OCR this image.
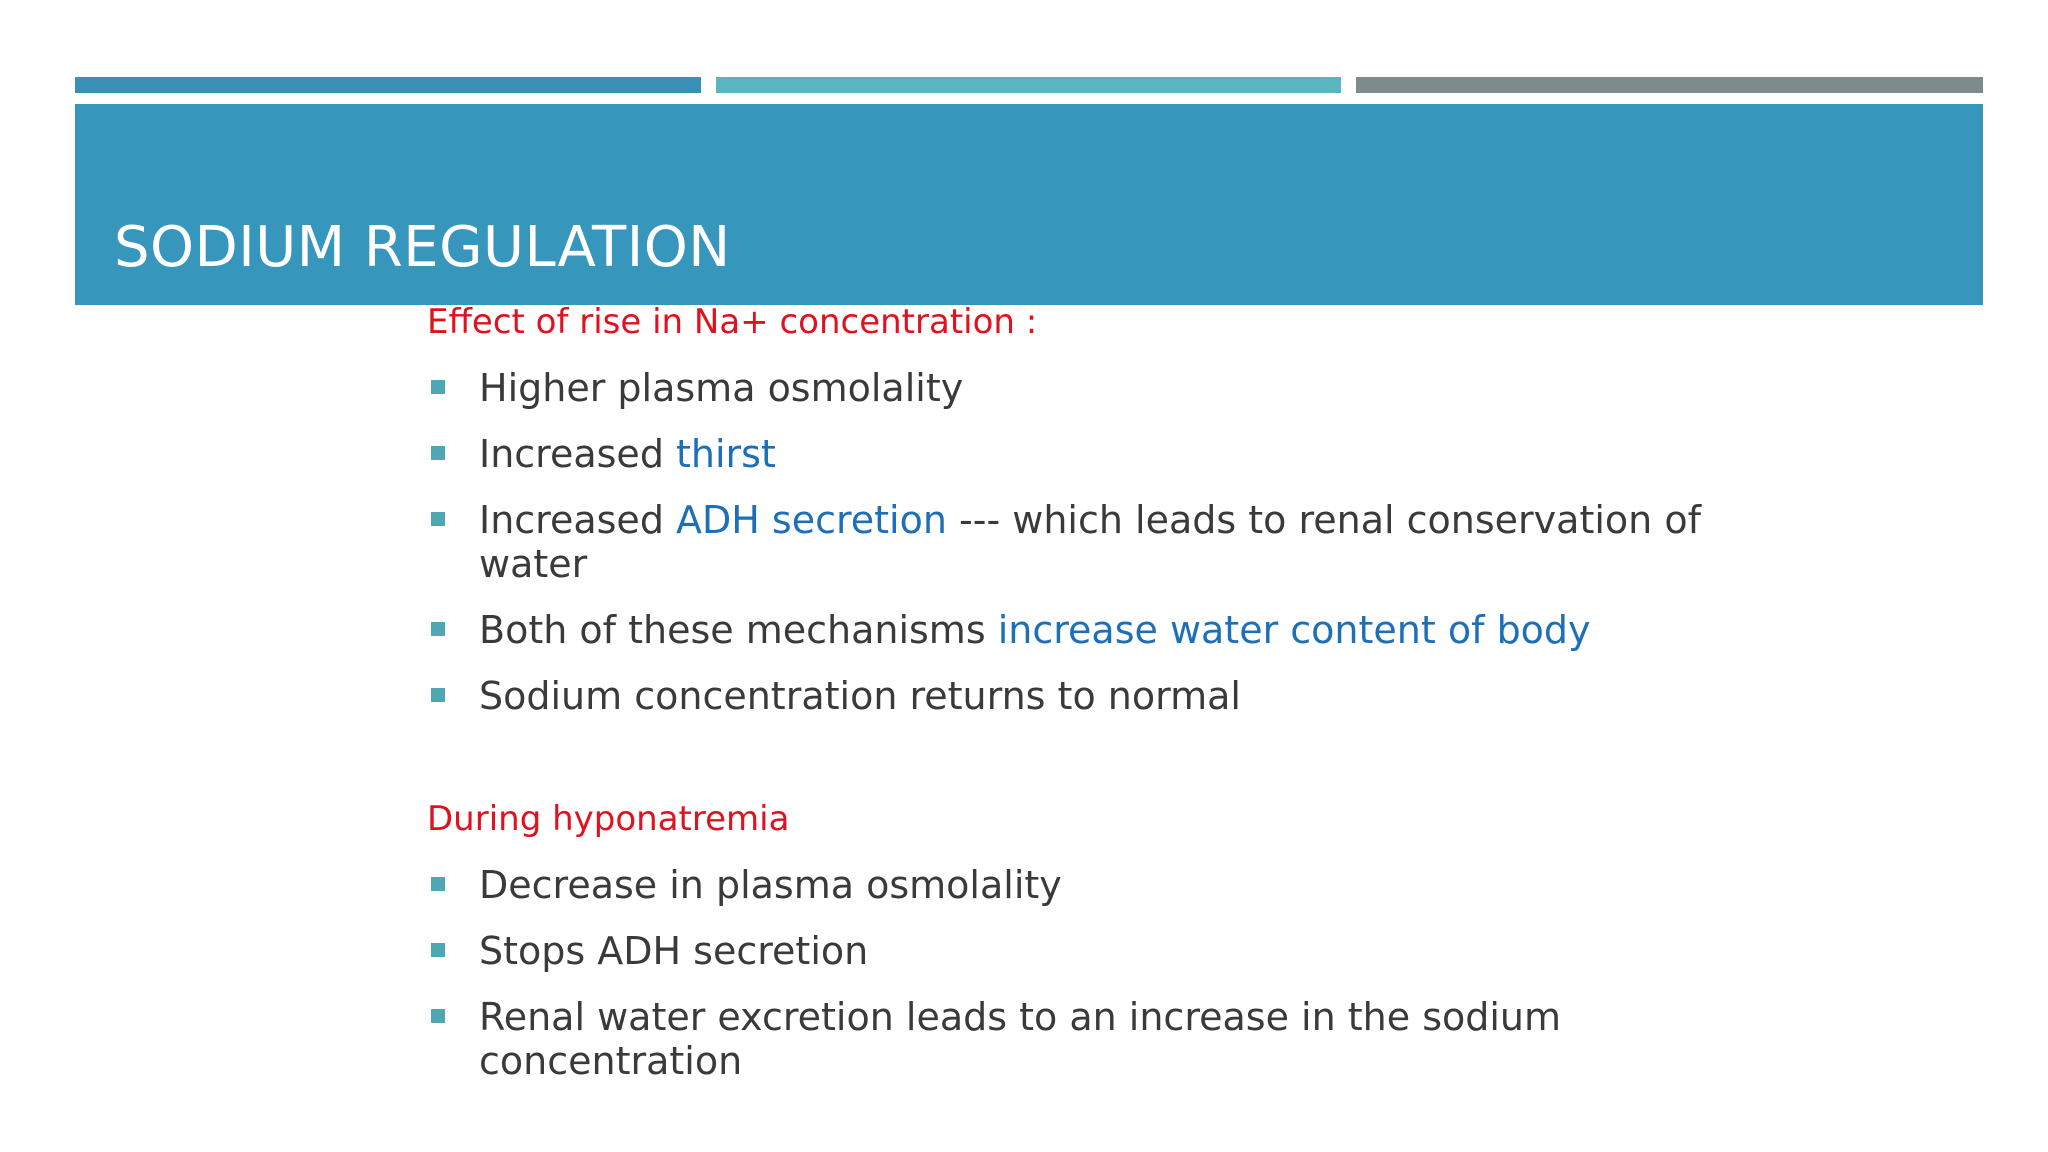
SODIUM REGULATION

Effect of rise in Na+ concentration :

Higher plasma osmolality
Increased thirst
Increased ADH secretion --- which leads to renal conservation of water
Both of these mechanisms increase water content of body
Sodium concentration returns to normal

During hyponatremia

Decrease in plasma osmolality
Stops ADH secretion
Renal water excretion leads to an increase in the sodium concentration
